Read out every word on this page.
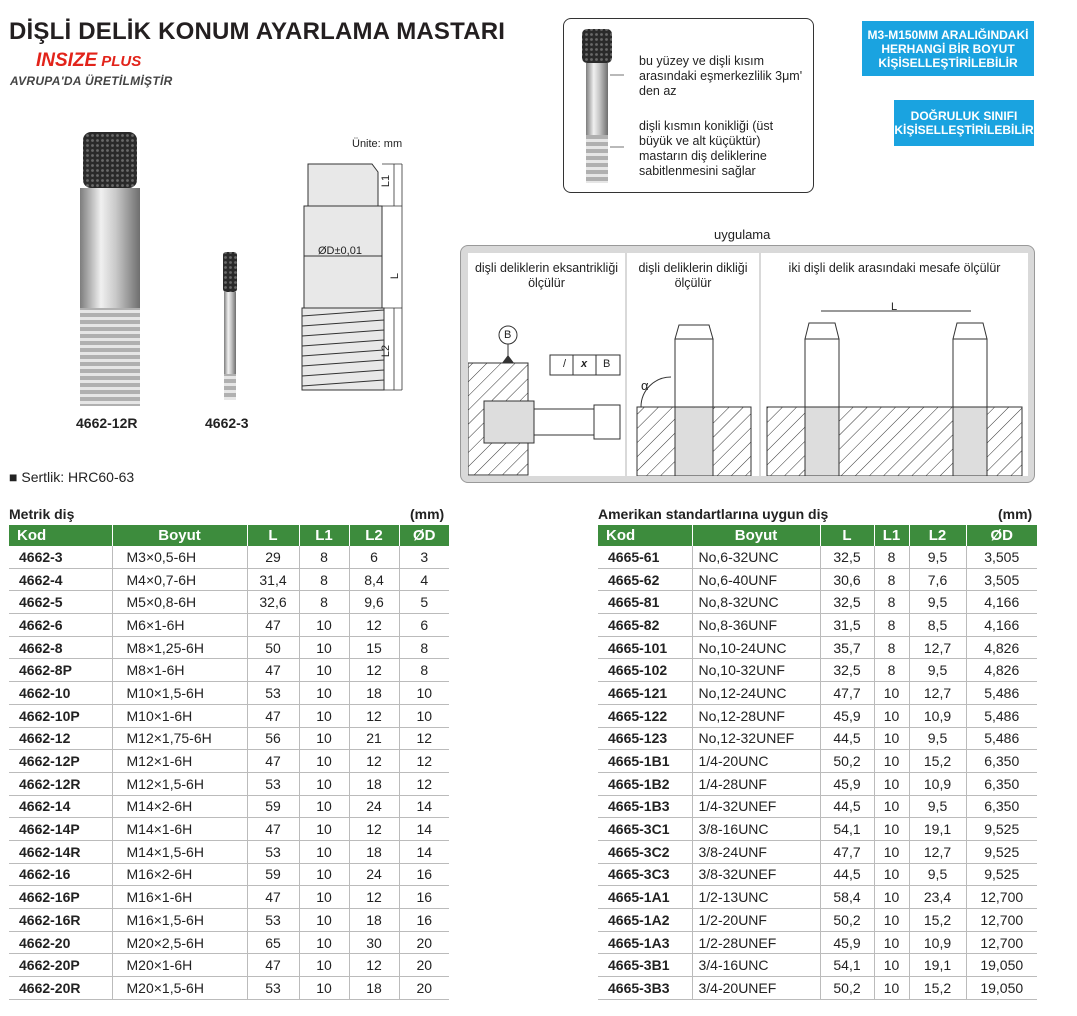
DİŞLİ DELİK KONUM AYARLAMA MASTARI
INSIZE PLUS
AVRUPA'DA ÜRETİLMİŞTİR
M3-M150MM ARALIĞINDAKİ HERHANGİ BİR BOYUT KİŞİSELLEŞTİRİLEBİLİR
DOĞRULUK SINIFI KİŞİSELLEŞTİRİLEBİLİR
bu yüzey ve dişli kısım arasındaki eşmerkezlilik 3μm' den az
dişli kısmın konikliği (üst büyük ve alt küçüktür) mastarın diş deliklerine sabitlenmesini sağlar
4662-12R	4662-3
Ünite: mm
L1
L
L2
ØD±0,01
uygulama
dişli deliklerin eksantrikliği ölçülür
B
/ x B
dişli deliklerin dikliği ölçülür
α
iki dişli delik arasındaki mesafe ölçülür
L
■ Sertlik: HRC60-63
Metrik diş	(mm)
Kod	Boyut	L	L1	L2	ØD
4662-3	M3×0,5-6H	29	8	6	3
4662-4	M4×0,7-6H	31,4	8	8,4	4
4662-5	M5×0,8-6H	32,6	8	9,6	5
4662-6	M6×1-6H	47	10	12	6
4662-8	M8×1,25-6H	50	10	15	8
4662-8P	M8×1-6H	47	10	12	8
4662-10	M10×1,5-6H	53	10	18	10
4662-10P	M10×1-6H	47	10	12	10
4662-12	M12×1,75-6H	56	10	21	12
4662-12P	M12×1-6H	47	10	12	12
4662-12R	M12×1,5-6H	53	10	18	12
4662-14	M14×2-6H	59	10	24	14
4662-14P	M14×1-6H	47	10	12	14
4662-14R	M14×1,5-6H	53	10	18	14
4662-16	M16×2-6H	59	10	24	16
4662-16P	M16×1-6H	47	10	12	16
4662-16R	M16×1,5-6H	53	10	18	16
4662-20	M20×2,5-6H	65	10	30	20
4662-20P	M20×1-6H	47	10	12	20
4662-20R	M20×1,5-6H	53	10	18	20
Amerikan standartlarına uygun diş	(mm)
Kod	Boyut	L	L1	L2	ØD
4665-61	No,6-32UNC	32,5	8	9,5	3,505
4665-62	No,6-40UNF	30,6	8	7,6	3,505
4665-81	No,8-32UNC	32,5	8	9,5	4,166
4665-82	No,8-36UNF	31,5	8	8,5	4,166
4665-101	No,10-24UNC	35,7	8	12,7	4,826
4665-102	No,10-32UNF	32,5	8	9,5	4,826
4665-121	No,12-24UNC	47,7	10	12,7	5,486
4665-122	No,12-28UNF	45,9	10	10,9	5,486
4665-123	No,12-32UNEF	44,5	10	9,5	5,486
4665-1B1	1/4-20UNC	50,2	10	15,2	6,350
4665-1B2	1/4-28UNF	45,9	10	10,9	6,350
4665-1B3	1/4-32UNEF	44,5	10	9,5	6,350
4665-3C1	3/8-16UNC	54,1	10	19,1	9,525
4665-3C2	3/8-24UNF	47,7	10	12,7	9,525
4665-3C3	3/8-32UNEF	44,5	10	9,5	9,525
4665-1A1	1/2-13UNC	58,4	10	23,4	12,700
4665-1A2	1/2-20UNF	50,2	10	15,2	12,700
4665-1A3	1/2-28UNEF	45,9	10	10,9	12,700
4665-3B1	3/4-16UNC	54,1	10	19,1	19,050
4665-3B3	3/4-20UNEF	50,2	10	15,2	19,050
